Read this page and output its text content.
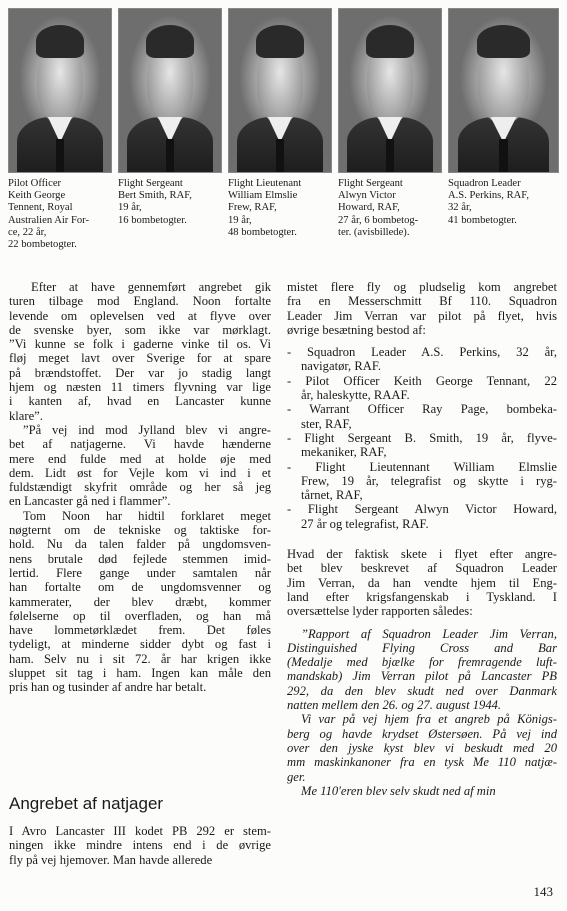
Pilot Officer
Keith George
Tennent, Royal
Australien Air For-
ce, 22 år,
22 bombetogter.
Flight Sergeant
Bert Smith, RAF,
19 år,
16 bombetogter.
Flight Lieutenant
William Elmslie
Frew, RAF,
19 år,
48 bombetogter.
Flight Sergeant
Alwyn Victor
Howard, RAF,
27 år, 6 bombetog-
ter. (avisbillede).
Squadron Leader
A.S. Perkins, RAF,
32 år,
41 bombetogter.
Efter at have gennemført angrebet gik
turen tilbage mod England. Noon fortalte
levende om oplevelsen ved at flyve over
de svenske byer, som ikke var mørklagt.
”Vi kunne se folk i gaderne vinke til os. Vi
fløj meget lavt over Sverige for at spare
på brændstoffet. Der var jo stadig langt
hjem og næsten 11 timers flyvning var lige
i kanten af, hvad en Lancaster kunne
klare”.
”På vej ind mod Jylland blev vi angre-
bet af natjagerne. Vi havde hænderne
mere end fulde med at holde øje med
dem. Lidt øst for Vejle kom vi ind i et
fuldstændigt skyfrit område og her så jeg
en Lancaster gå ned i flammer”.
Tom Noon har hidtil forklaret meget
nøgternt om de tekniske og taktiske for-
hold. Nu da talen falder på ungdomsven-
nens brutale død fejlede stemmen imid-
lertid. Flere gange under samtalen når
han fortalte om de ungdomsvenner og
kammerater, der blev dræbt, kommer
følelserne op til overfladen, og han må
have lommetørklædet frem. Det føles
tydeligt, at minderne sidder dybt og fast i
ham. Selv nu i sit 72. år har krigen ikke
sluppet sit tag i ham. Ingen kan måle den
pris han og tusinder af andre har betalt.
Angrebet af natjager
I Avro Lancaster III kodet PB 292 er stem-
ningen ikke mindre intens end i de øvrige
fly på vej hjemover. Man havde allerede
mistet flere fly og pludselig kom angrebet
fra en Messerschmitt Bf 110. Squadron
Leader Jim Verran var pilot på flyet, hvis
øvrige besætning bestod af:
- Squadron Leader A.S. Perkins, 32 år,
navigatør, RAF.
- Pilot Officer Keith George Tennant, 22
år, haleskytte, RAAF.
- Warrant Officer Ray Page, bombeka-
ster, RAF,
- Flight Sergeant B. Smith, 19 år, flyve-
mekaniker, RAF,
- Flight Lieutennant William Elmslie
Frew, 19 år, telegrafist og skytte i ryg-
tårnet, RAF,
- Flight Sergeant Alwyn Victor Howard,
27 år og telegrafist, RAF.
Hvad der faktisk skete i flyet efter angre-
bet blev beskrevet af Squadron Leader
Jim Verran, da han vendte hjem til Eng-
land efter krigsfangenskab i Tyskland. I
oversættelse lyder rapporten således:
”Rapport af Squadron Leader Jim Verran,
Distinguished Flying Cross and Bar
(Medalje med bjælke for fremragende luft-
mandskab) Jim Verran pilot på Lancaster PB
292, da den blev skudt ned over Danmark
natten mellem den 26. og 27. august 1944.
Vi var på vej hjem fra et angreb på Königs-
berg og havde krydset Østersøen. På vej ind
over den jyske kyst blev vi beskudt med 20
mm maskinkanoner fra en tysk Me 110 natjæ-
ger.
Me 110'eren blev selv skudt ned af min
143
